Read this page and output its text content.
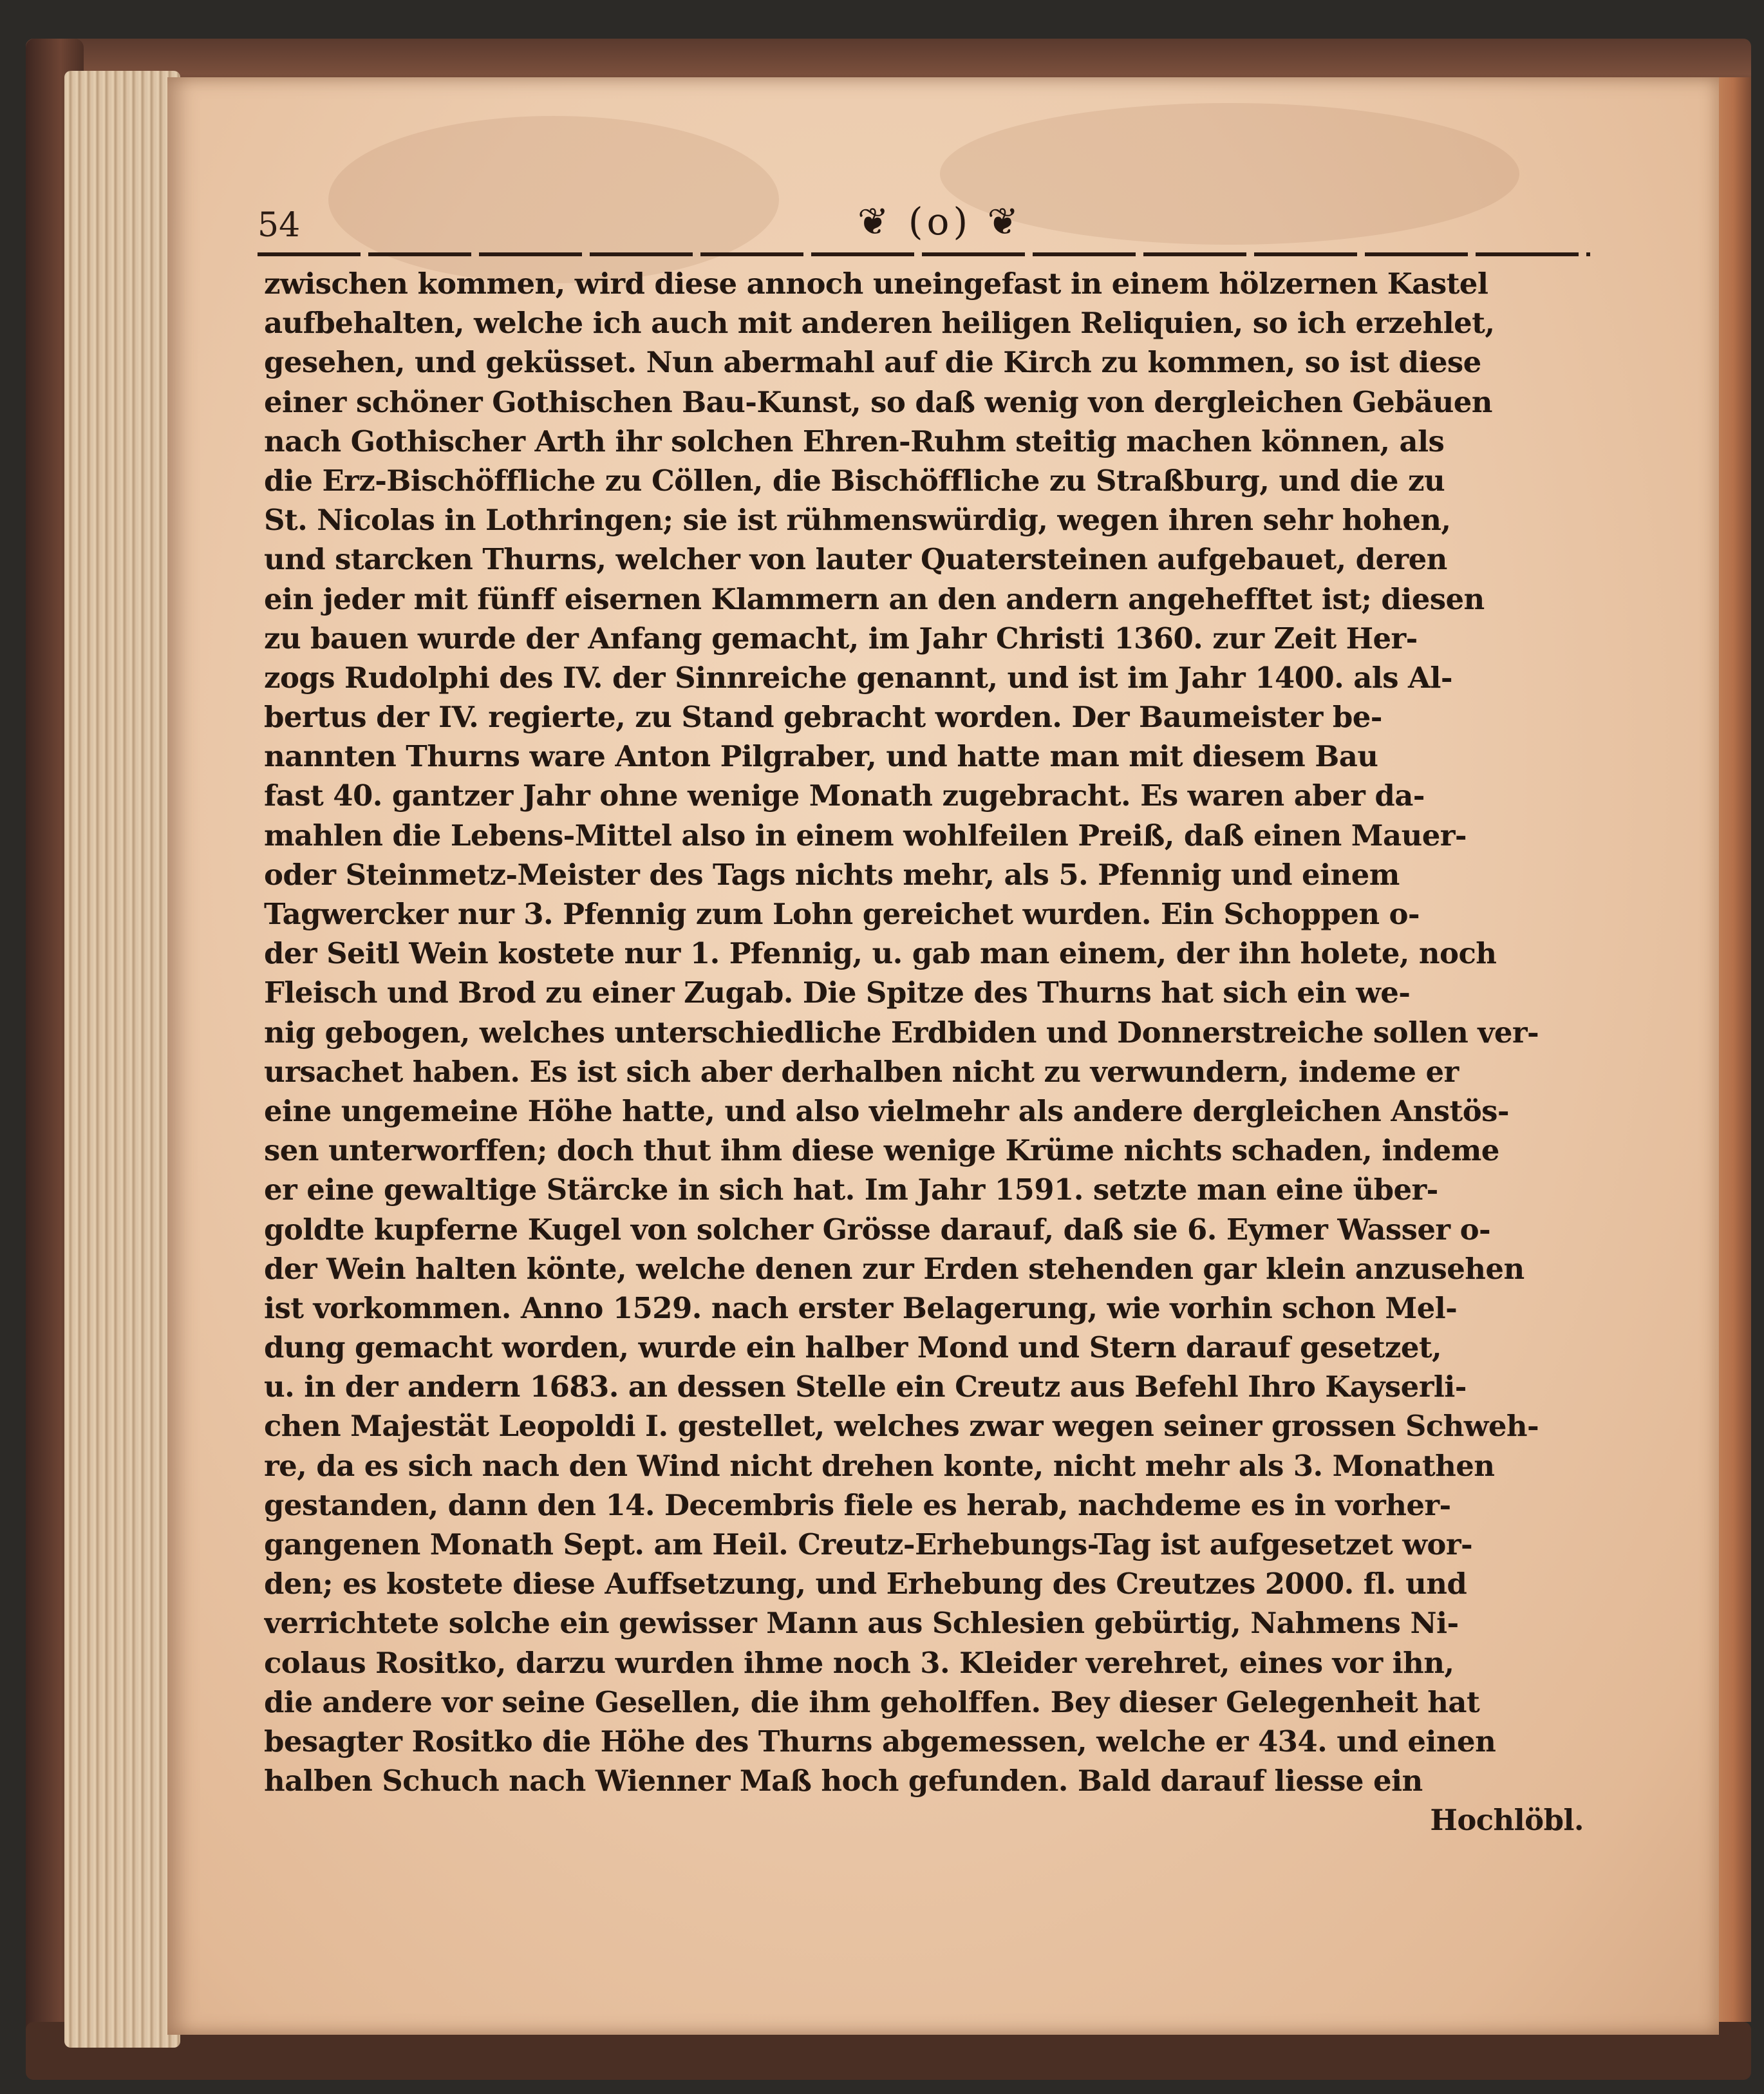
54	❦ (o) ❦
zwischen kommen, wird diese annoch uneingefast in einem hölzernen Kastel
aufbehalten, welche ich auch mit anderen heiligen Reliquien, so ich erzehlet,
gesehen, und geküsset. Nun abermahl auf die Kirch zu kommen, so ist diese
einer schöner Gothischen Bau-Kunst, so daß wenig von dergleichen Gebäuen
nach Gothischer Arth ihr solchen Ehren-Ruhm steitig machen können, als
die Erz-Bischöffliche zu Cöllen, die Bischöffliche zu Straßburg, und die zu
St. Nicolas in Lothringen; sie ist rühmenswürdig, wegen ihren sehr hohen,
und starcken Thurns, welcher von lauter Quatersteinen aufgebauet, deren
ein jeder mit fünff eisernen Klammern an den andern angehefftet ist; diesen
zu bauen wurde der Anfang gemacht, im Jahr Christi 1360. zur Zeit Her-
zogs Rudolphi des IV. der Sinnreiche genannt, und ist im Jahr 1400. als Al-
bertus der IV. regierte, zu Stand gebracht worden. Der Baumeister be-
nannten Thurns ware Anton Pilgraber, und hatte man mit diesem Bau
fast 40. gantzer Jahr ohne wenige Monath zugebracht. Es waren aber da-
mahlen die Lebens-Mittel also in einem wohlfeilen Preiß, daß einen Mauer-
oder Steinmetz-Meister des Tags nichts mehr, als 5. Pfennig und einem
Tagwercker nur 3. Pfennig zum Lohn gereichet wurden. Ein Schoppen o-
der Seitl Wein kostete nur 1. Pfennig, u. gab man einem, der ihn holete, noch
Fleisch und Brod zu einer Zugab. Die Spitze des Thurns hat sich ein we-
nig gebogen, welches unterschiedliche Erdbiden und Donnerstreiche sollen ver-
ursachet haben. Es ist sich aber derhalben nicht zu verwundern, indeme er
eine ungemeine Höhe hatte, und also vielmehr als andere dergleichen Anstös-
sen unterworffen; doch thut ihm diese wenige Krüme nichts schaden, indeme
er eine gewaltige Stärcke in sich hat. Im Jahr 1591. setzte man eine über-
goldte kupferne Kugel von solcher Grösse darauf, daß sie 6. Eymer Wasser o-
der Wein halten könte, welche denen zur Erden stehenden gar klein anzusehen
ist vorkommen. Anno 1529. nach erster Belagerung, wie vorhin schon Mel-
dung gemacht worden, wurde ein halber Mond und Stern darauf gesetzet,
u. in der andern 1683. an dessen Stelle ein Creutz aus Befehl Ihro Kayserli-
chen Majestät Leopoldi I. gestellet, welches zwar wegen seiner grossen Schweh-
re, da es sich nach den Wind nicht drehen konte, nicht mehr als 3. Monathen
gestanden, dann den 14. Decembris fiele es herab, nachdeme es in vorher-
gangenen Monath Sept. am Heil. Creutz-Erhebungs-Tag ist aufgesetzet wor-
den; es kostete diese Auffsetzung, und Erhebung des Creutzes 2000. fl. und
verrichtete solche ein gewisser Mann aus Schlesien gebürtig, Nahmens Ni-
colaus Rositko, darzu wurden ihme noch 3. Kleider verehret, eines vor ihn,
die andere vor seine Gesellen, die ihm geholffen. Bey dieser Gelegenheit hat
besagter Rositko die Höhe des Thurns abgemessen, welche er 434. und einen
halben Schuch nach Wienner Maß hoch gefunden. Bald darauf liesse ein
Hochlöbl.
